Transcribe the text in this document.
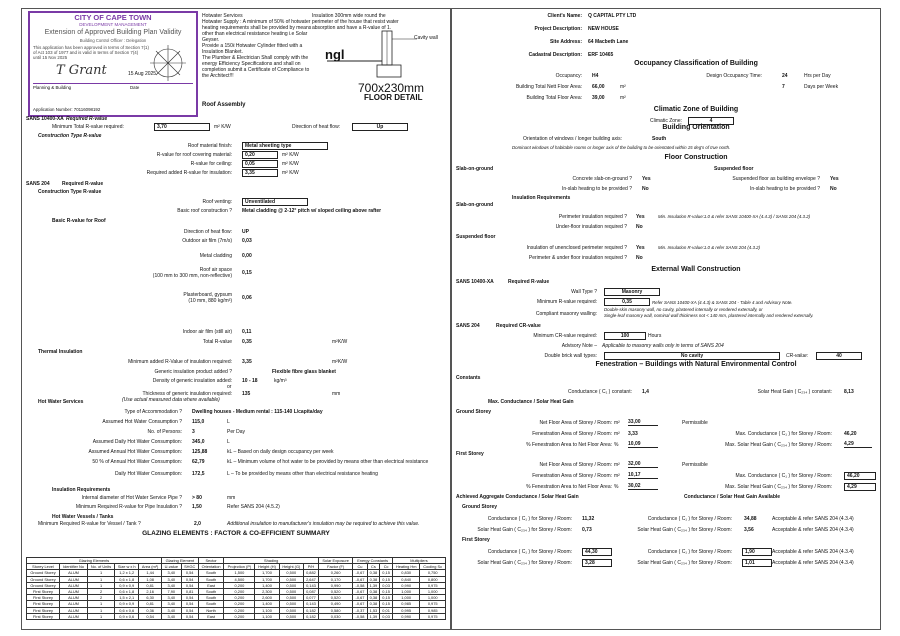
CITY OF CAPE TOWN
DEVELOPMENT MANAGEMENT
Extension of Approved Building Plan Validity
Building Control Officer : Delegation
This application has been approved in terms of Section 7(1)
of Act 103 of 1977 and is valid in terms of Section 7(4)
until 15 Nov 2025
T Grant	15 Aug 2025
Planning & Building	Date
Application Number: 70116098192
Hotwater Services
Hotwater Supply : A minimum of 50% of hotwater
heating requirements shall be provided by means
other than electrical resistance heating i.e Solar
Geyser.
Provide a 150ℓ Hotwater Cylinder fitted with a
Insulation Blanket.
The Plumber & Electrician Shall comply with the
energy Efficiency Specifications and shall on
completion submit a Certificate of Compliance to
the Architect!!!
Insulation 300mm wide round the
perimeter of the house that resist water
absorption and have a R-value of 1.
ngl
Cavity wall
700x230mm
FLOOR DETAIL
Roof Assembly
SANS 10400-XA Required R-value
Minimum Total R-value required:	3,70	m² K/W	Direction of heat flow:	Up
Construction Type R-value
Roof material finish:	Metal sheeting type
R-value for roof covering material:	0,20	m² K/W
R-value for ceiling:	0,05	m² K/W
Required added R-value for insulation:	3,35	m² K/W
SANS 204 Required R-value
Construction Type R-value
Roof venting:	Unventilated
Basic roof construction ? Metal cladding @ 2-12° pitch w/ sloped ceiling above rafter
Basic R-value for Roof
Direction of heat flow: UP
Outdoor air film (7m/s) 0,03
Metal cladding 0,00
Roof air space
(100 mm to 300 mm, non-reflective) 0,15
Plasterboard, gypsum
(10 mm, 880 kg/m³) 0,06
Indoor air film (still air) 0,11
Total R-value 0,35	m²K/W
Thermal Insulation
Minimum added R-Value of insulation required: 3,35	m²K/W
Generic insulation product added ?	Flexible fibre glass blanket
Density of generic insulation added: 10 - 18	kg/m³
or
Thickness of generic insulation required: 135	mm
Hot Water Services	(Use actual measured data where available)
Type of Accommodation ? Dwelling houses - Medium rental : 115-140 L/capita/day
Assumed Hot Water Consumption ? 115,0	L
No. of Persons: 3	Per Day
Assumed Daily Hot Water Consumption: 345,0	L
Assumed Annual Hot Water Consumption: 125,88	kL – Based on daily design occupancy per week
50 % of Annual Hot Water Consumption: 62,79	kL – Minimum volume of hot water to be provided by means other than electrical resistance
Daily Hot Water Consumption: 172,5	L – To be provided by means other than electrical resistance heating
Insulation Requirements
Internal diameter of Hot Water Service Pipe ? > 80	mm
Minimum Required R-value for Pipe Insulation ? 1,50	Refer SANS 204 (4.5.2)
Hot Water Vessels / Tanks
Minimum Required R-value for Vessel / Tank ?	2,0	Additional insulation to manufacturer's insulation may be required to achieve this value.
GLAZING ELEMENTS : FACTOR & CO-EFFICIENT SUMMARY
Glazing Elements					Glazing Element		Sector	Shading				Solar Exposure	Energy Constants			Multipliers	
Storey Level	Identifier No	No. of Units	Size w x h	Area (m²)	U-value	SHGC	Orientation	Projection (P)	Height (H)	Height (G)	P/H	Factor (F)	Cu	Cs	Cc	Heating Hm	Cooling Sc
Ground Storey	ALUM	1	1,2 x 1,2	1,44	3,40	0,54	South	1,500	1,700	0,500	0,882	0,260	-0,67	0,38	0,15	0,830	0,750
Ground Storey	ALUM	1	0,6 x 1,8	1,08	3,40	0,54	South	4,500	1,700	0,500	2,647	0,170	-0,67	0,38	0,15	0,840	0,800
Ground Storey	ALUM	1	0,9 x 0,9	0,81	3,40	0,54	East	0,200	1,400	0,500	0,143	0,990	-0,58	1,39	0,03	0,990	0,975
First Storey	ALUM	2	0,6 x 1,8	2,16	7,90	0,81	South	0,200	2,300	0,500	0,087	0,520	-0,67	0,38	0,15	1,000	1,000
First Storey	ALUM	2	1,5 x 2,1	6,30	3,40	0,54	South	0,200	2,600	0,500	0,077	0,520	-0,67	0,38	0,15	1,000	1,000
First Storey	ALUM	1	0,9 x 0,9	0,81	3,40	0,54	South	0,200	1,400	0,500	0,143	0,490	-0,67	0,38	0,15	0,985	0,975
First Storey	ALUM	1	0,6 x 0,6	0,36	3,40	0,54	North	0,200	1,100	0,500	0,182	0,580	-0,37	1,53	0,01	0,995	0,985
First Storey	ALUM	1	0,9 x 0,6	0,54	3,40	0,54	East	0,200	1,100	0,500	0,182	0,030	-0,58	1,39	0,03	0,990	0,975
Client's Name: Q CAPITAL PTY LTD
Project Description: NEW HOUSE
Site Address: 64 Macbeth Lane
Cadastral Description: ERF 10465
Occupancy Classification of Building
Occupancy: H4	Design Occupancy Time:	24	Hrs per Day
Building Total Nett Floor Area: 66,00	m²	7	Days per Week
Building Total Floor Area: 39,00	m²
Climatic Zone of Building
Climatic Zone:	4
Building Orientation
Orientation of windows / longer building axis:	South
Dominant windows of habitable rooms or longer axis of the building to be orientated within 15 deg's of true north.
Floor Construction
Slab-on-ground	Suspended floor
Concrete slab-on-ground ? Yes	Suspended floor as building envelope ? Yes
In-slab heating to be provided ? No	In-slab heating to be provided ? No
Insulation Requirements
Slab-on-ground
Perimeter insulation required ? Yes	Min. Insulation R-value:1.0 & refer SANS 10400-XA (4.4.3) / SANS 204 (4.3.2)
Under-floor insulation required ? No
Suspended floor
Insulation of unenclosed perimeter required ? Yes	Min. Insulation R-value:1.0 & refer SANS 204 (4.3.2)
Perimeter & under floor insulation required ? No
External Wall Construction
SANS 10400-XA	Required R-value
Wall Type ?	Masonry
Minimum R-value required:	0,35	Refer SANS 10400-XA (4.4.3) & SANS 204 - Table 4 and Advisory Note.
Compliant masonry walling:
Double-skin masonry wall, no cavity, plastered internally or rendered externally, or
Single-leaf masonry wall, nominal wall thickness not < 140 mm, plastered internally and rendered externally.
SANS 204	Required CR-value
Minimum CR-value required:	100	Hours
Advisory Note – Applicable to masonry walls only in terms of SANS 204
Double brick wall types:	No cavity	CR-value:	40
Fenestration – Buildings with Natural Environmental Control
Constants
Conductance ( C₁ ) constant: 1,4	Solar Heat Gain ( C₂₃₄ ) constant: 8,13
Max. Conductance / Solar Heat Gain
Ground Storey
Net Floor Area of Storey / Room: m² 33,00	Permissible
Fenestration Area of Storey / Room: m² 3,33	Max. Conductance ( C₁ ) for Storey / Room: 46,20
% Fenestration Area to Net Floor Area: % 10,09	Max. Solar Heat Gain ( C₂₃₄ ) for Storey / Room: 4,29
First Storey
Net Floor Area of Storey / Room: m² 32,00	Permissible
Fenestration Area of Storey / Room: m² 10,17	Max. Conductance ( C₁ ) for Storey / Room:	46,20
% Fenestration Area to Net Floor Area: % 30,02	Max. Solar Heat Gain ( C₂₃₄ ) for Storey / Room:	4,29
Achieved Aggregate Conductance / Solar Heat Gain	Conductance / Solar Heat Gain Available
Ground Storey
Conductance ( C₁ ) for Storey / Room: 11,32	Conductance ( C₁ ) for Storey / Room: 34,88	Acceptable & refer SANS 204 (4.3.4)
Solar Heat Gain ( C₂₃₄ ) for Storey / Room: 0,73	Solar Heat Gain ( C₂₃₄ ) for Storey / Room: 3,56	Acceptable & refer SANS 204 (4.3.4)
First Storey
Conductance ( C₁ ) for Storey / Room:	44,30	Conductance ( C₁ ) for Storey / Room:	1,90	Acceptable & refer SANS 204 (4.3.4)
Solar Heat Gain ( C₂₃₄ ) for Storey / Room:	3,28	Solar Heat Gain ( C₂₃₄ ) for Storey / Room:	1,01	Acceptable & refer SANS 204 (4.3.4)
